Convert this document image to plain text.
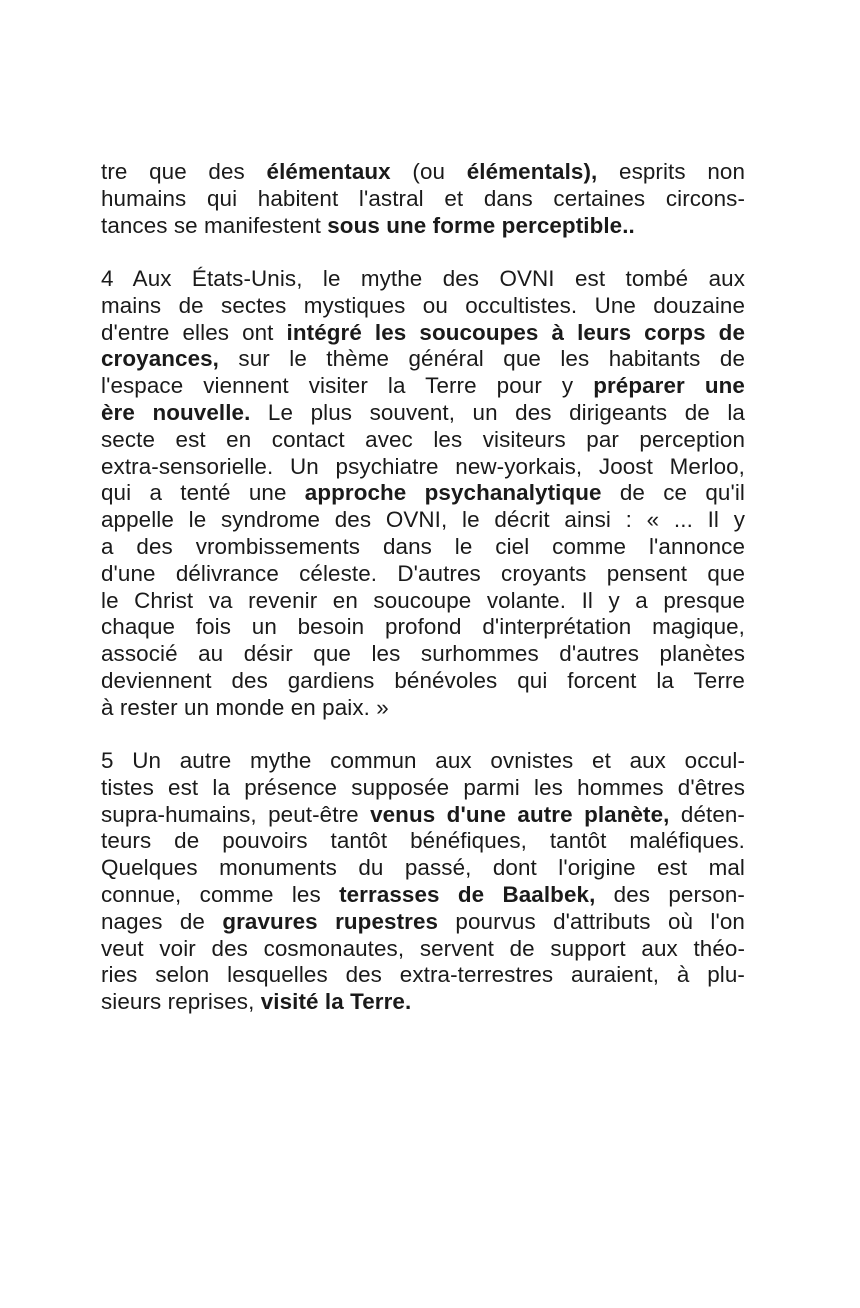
tre que des élémentaux (ou élémentals), esprits non
humains qui habitent l'astral et dans certaines circons-
tances se manifestent sous une forme perceptible..
4 Aux États-Unis, le mythe des OVNI est tombé aux
mains de sectes mystiques ou occultistes. Une douzaine
d'entre elles ont intégré les soucoupes à leurs corps de
croyances, sur le thème général que les habitants de
l'espace viennent visiter la Terre pour y préparer une
ère nouvelle. Le plus souvent, un des dirigeants de la
secte est en contact avec les visiteurs par perception
extra-sensorielle. Un psychiatre new-yorkais, Joost Merloo,
qui a tenté une approche psychanalytique de ce qu'il
appelle le syndrome des OVNI, le décrit ainsi : « ... Il y
a des vrombissements dans le ciel comme l'annonce
d'une délivrance céleste. D'autres croyants pensent que
le Christ va revenir en soucoupe volante. Il y a presque
chaque fois un besoin profond d'interprétation magique,
associé au désir que les surhommes d'autres planètes
deviennent des gardiens bénévoles qui forcent la Terre
à rester un monde en paix. »
5 Un autre mythe commun aux ovnistes et aux occul-
tistes est la présence supposée parmi les hommes d'êtres
supra-humains, peut-être venus d'une autre planète, déten-
teurs de pouvoirs tantôt bénéfiques, tantôt maléfiques.
Quelques monuments du passé, dont l'origine est mal
connue, comme les terrasses de Baalbek, des person-
nages de gravures rupestres pourvus d'attributs où l'on
veut voir des cosmonautes, servent de support aux théo-
ries selon lesquelles des extra-terrestres auraient, à plu-
sieurs reprises, visité la Terre.
